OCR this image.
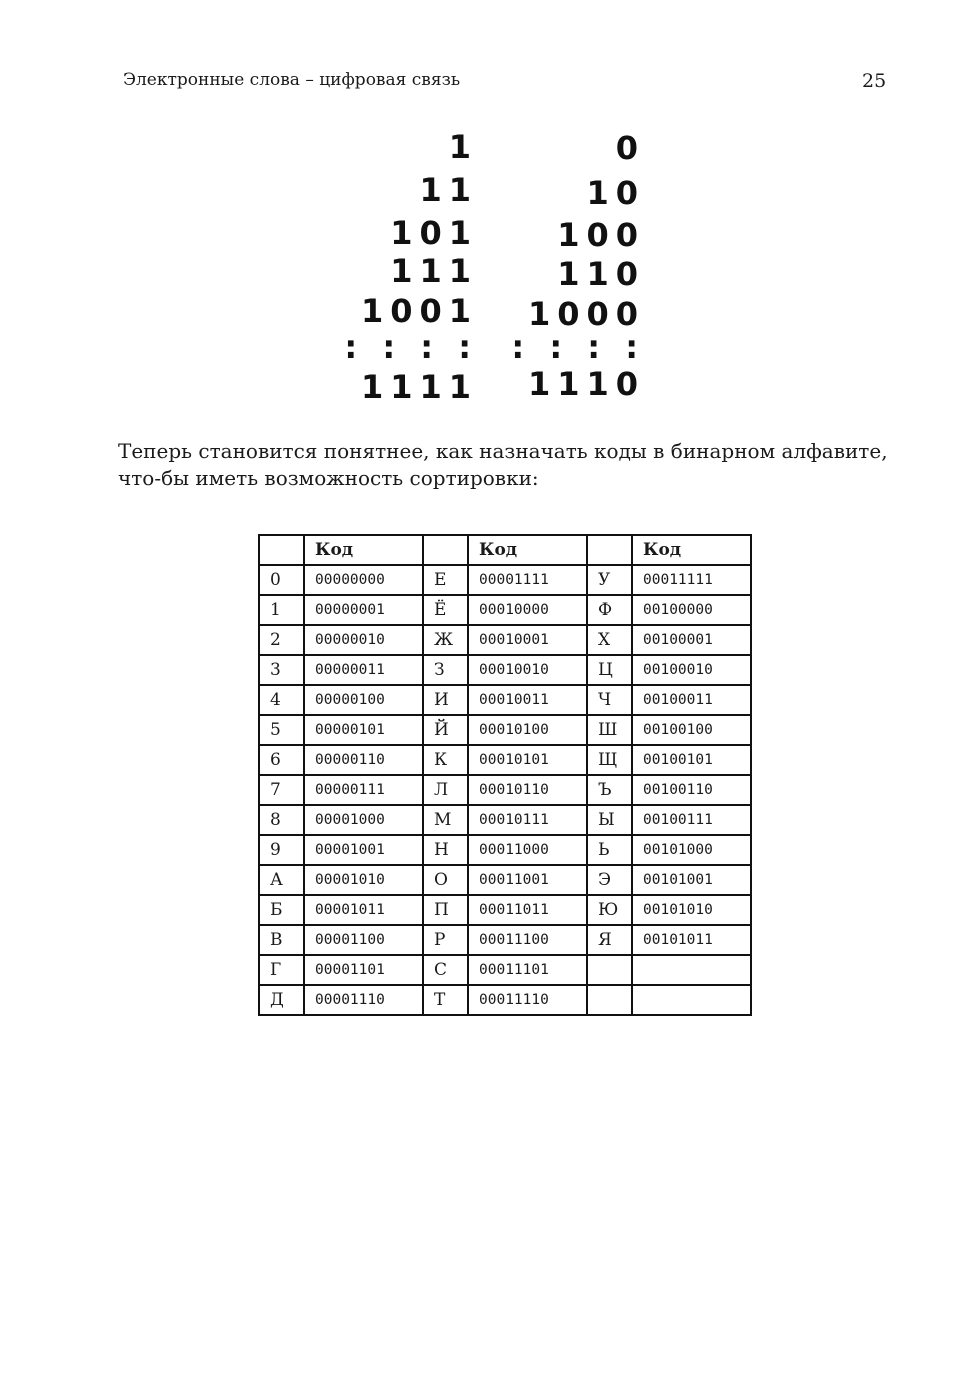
Электронные слова – цифровая связь	25
1
11
101
111
1001
: : : :
1111
0
10
100
110
1000
: : : :
1110

Теперь становится понятнее, как назначать коды в бинарном алфавите, что-бы иметь возможность сортировки:

	Код		Код		Код
0	00000000	Е	00001111	У	00011111
1	00000001	Ё	00010000	Ф	00100000
2	00000010	Ж	00010001	Х	00100001
3	00000011	З	00010010	Ц	00100010
4	00000100	И	00010011	Ч	00100011
5	00000101	Й	00010100	Ш	00100100
6	00000110	К	00010101	Щ	00100101
7	00000111	Л	00010110	Ъ	00100110
8	00001000	М	00010111	Ы	00100111
9	00001001	Н	00011000	Ь	00101000
А	00001010	О	00011001	Э	00101001
Б	00001011	П	00011011	Ю	00101010
В	00001100	Р	00011100	Я	00101011
Г	00001101	С	00011101		
Д	00001110	Т	00011110		
